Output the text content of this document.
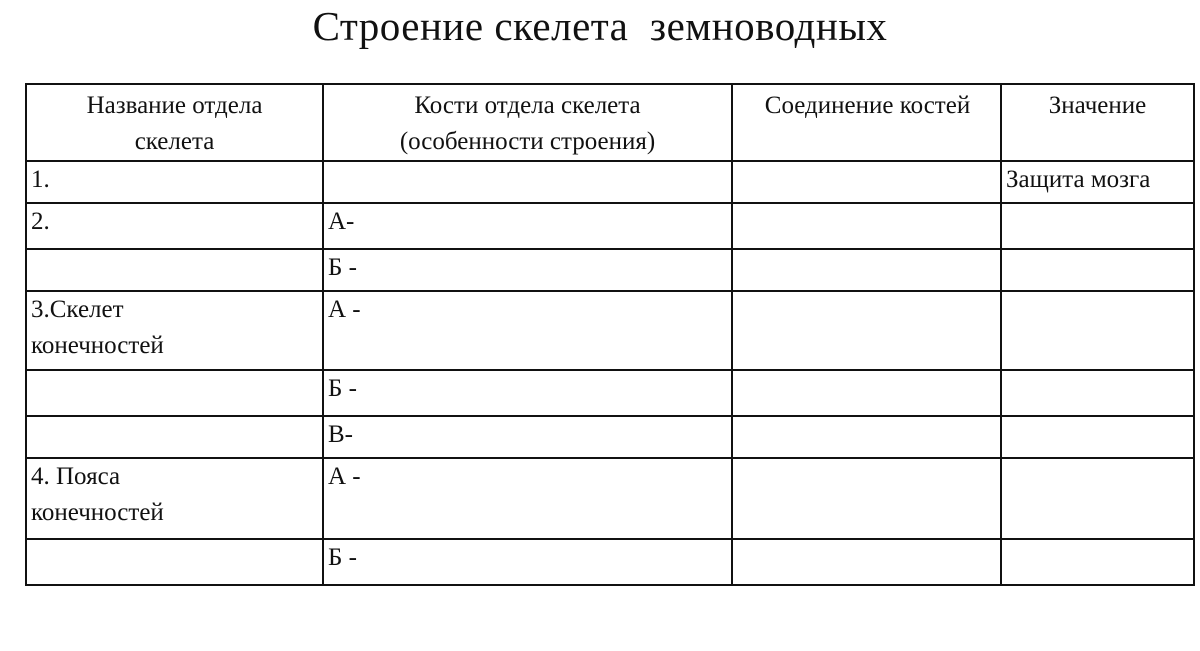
Строение скелета  земноводных
Название отдела скелета	Кости отдела скелета (особенности строения)	Соединение костей	Значение
1.			Защита мозга
2.	А-		
	Б -		
3.Скелет конечностей	А -		
	Б -		
	В-		
4. Пояса конечностей	А -		
	Б -		
